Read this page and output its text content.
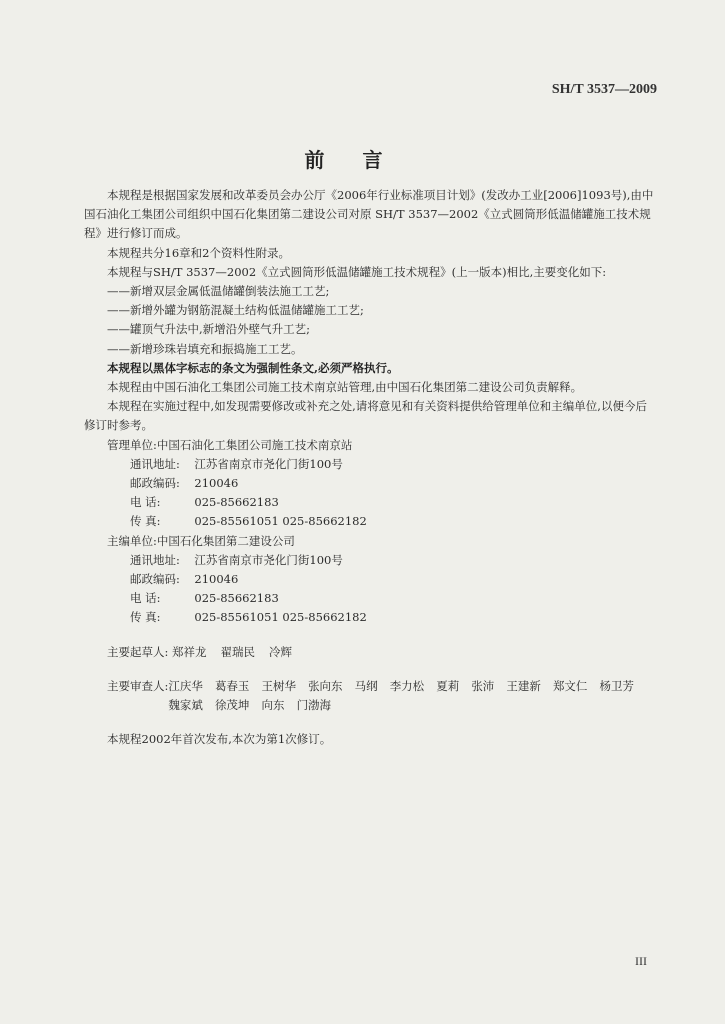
SH/T 3537—2009
前言

本规程是根据国家发展和改革委员会办公厅《2006年行业标准项目计划》(发改办工业[2006]1093号),由中国石油化工集团公司组织中国石化集团第二建设公司对原 SH/T 3537—2002《立式圆筒形低温储罐施工技术规程》进行修订而成。

本规程共分16章和2个资料性附录。

本规程与SH/T 3537—2002《立式圆筒形低温储罐施工技术规程》(上一版本)相比,主要变化如下:

——新增双层金属低温储罐倒装法施工工艺;

——新增外罐为钢筋混凝土结构低温储罐施工工艺;

——罐顶气升法中,新增沿外壁气升工艺;

——新增珍珠岩填充和振捣施工工艺。

本规程以黑体字标志的条文为强制性条文,必须严格执行。

本规程由中国石油化工集团公司施工技术南京站管理,由中国石化集团第二建设公司负责解释。

本规程在实施过程中,如发现需要修改或补充之处,请将意见和有关资料提供给管理单位和主编单位,以便今后修订时参考。

管理单位:中国石油化工集团公司施工技术南京站

通讯地址: 江苏省南京市尧化门街100号

邮政编码: 210046

电 话:	025-85662183

传 真:	025-85561051 025-85662182

主编单位:中国石化集团第二建设公司

通讯地址: 江苏省南京市尧化门街100号

邮政编码: 210046

电 话:	025-85662183

传 真:	025-85561051 025-85662182

主要起草人: 郑祥龙 翟瑞民 冷辉

主要审查人: 江庆华 葛春玉 王树华 张向东 马纲 李力松 夏莉 张沛 王建新 郑文仁 杨卫芳
魏家斌 徐茂坤 向东 门渤海

本规程2002年首次发布,本次为第1次修订。

III
